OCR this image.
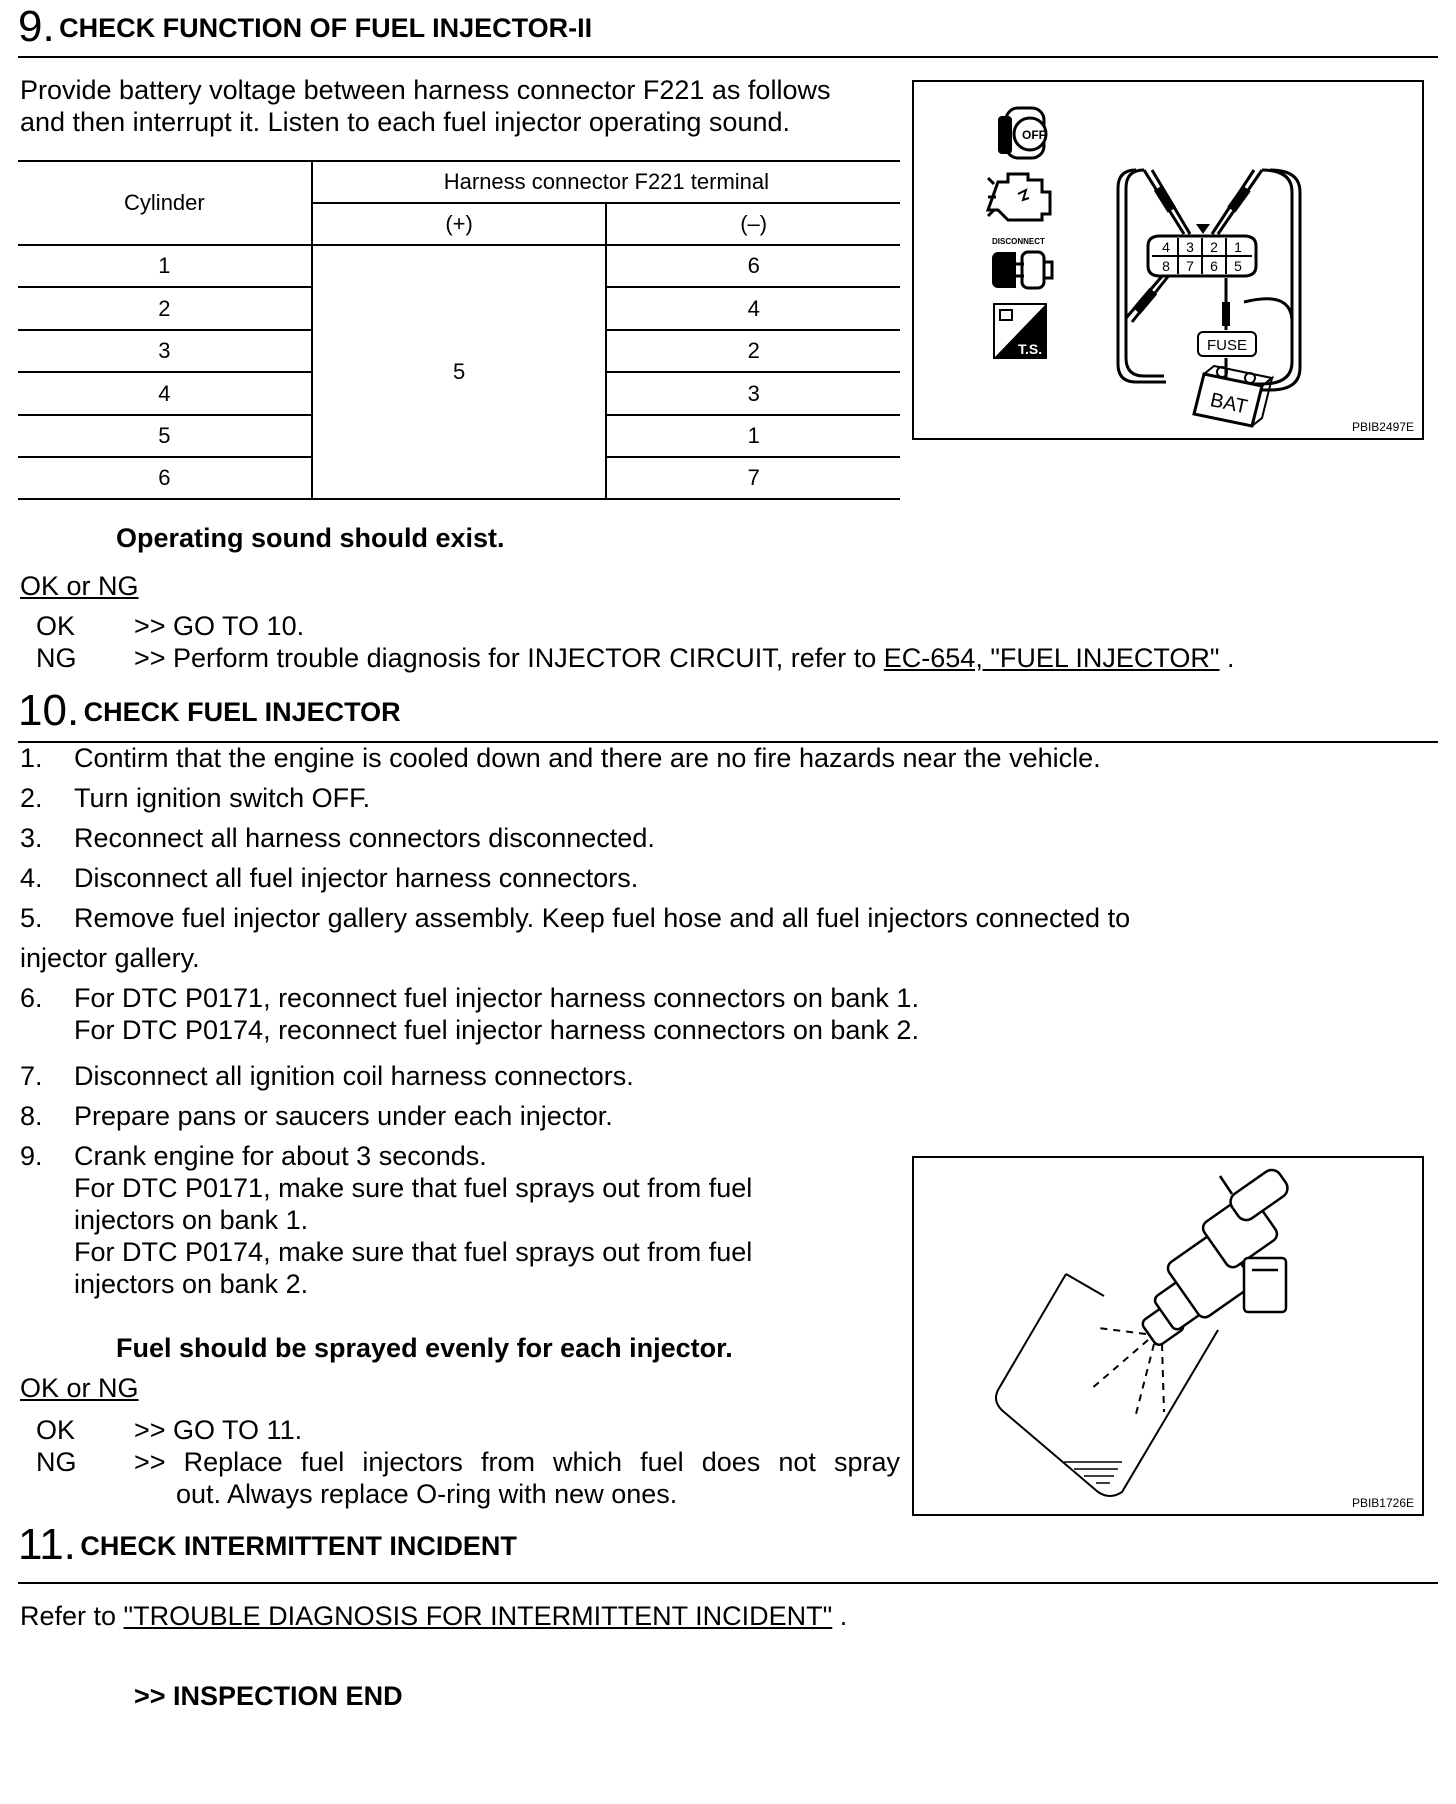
9. CHECK FUNCTION OF FUEL INJECTOR-II
Provide battery voltage between harness connector F221 as follows
and then interrupt it. Listen to each fuel injector operating sound.
Cylinder	Harness connector F221 terminal	
	(+)	(–)
1	5	6
2		4
3		2
4		3
5		1
6		7
OFF
DISCONNECT
T.S.
4 3 2 1
8 7 6 5
FUSE
BAT
PBIB2497E
Operating sound should exist.
OK or NG
OK >> GO TO 10.
NG >> Perform trouble diagnosis for INJECTOR CIRCUIT, refer to EC-654, "FUEL INJECTOR" .
10. CHECK FUEL INJECTOR
1. Contirm that the engine is cooled down and there are no fire hazards near the vehicle.
2. Turn ignition switch OFF.
3. Reconnect all harness connectors disconnected.
4. Disconnect all fuel injector harness connectors.
5. Remove fuel injector gallery assembly. Keep fuel hose and all fuel injectors connected to
injector gallery.
6. For DTC P0171, reconnect fuel injector harness connectors on bank 1.
For DTC P0174, reconnect fuel injector harness connectors on bank 2.
7. Disconnect all ignition coil harness connectors.
8. Prepare pans or saucers under each injector.
9. Crank engine for about 3 seconds.
For DTC P0171, make sure that fuel sprays out from fuel
injectors on bank 1.
For DTC P0174, make sure that fuel sprays out from fuel
injectors on bank 2.
PBIB1726E
Fuel should be sprayed evenly for each injector.
OK or NG
OK >> GO TO 11.
NG >> Replace fuel injectors from which fuel does not spray
out. Always replace O-ring with new ones.
11. CHECK INTERMITTENT INCIDENT
Refer to "TROUBLE DIAGNOSIS FOR INTERMITTENT INCIDENT" .
>> INSPECTION END
